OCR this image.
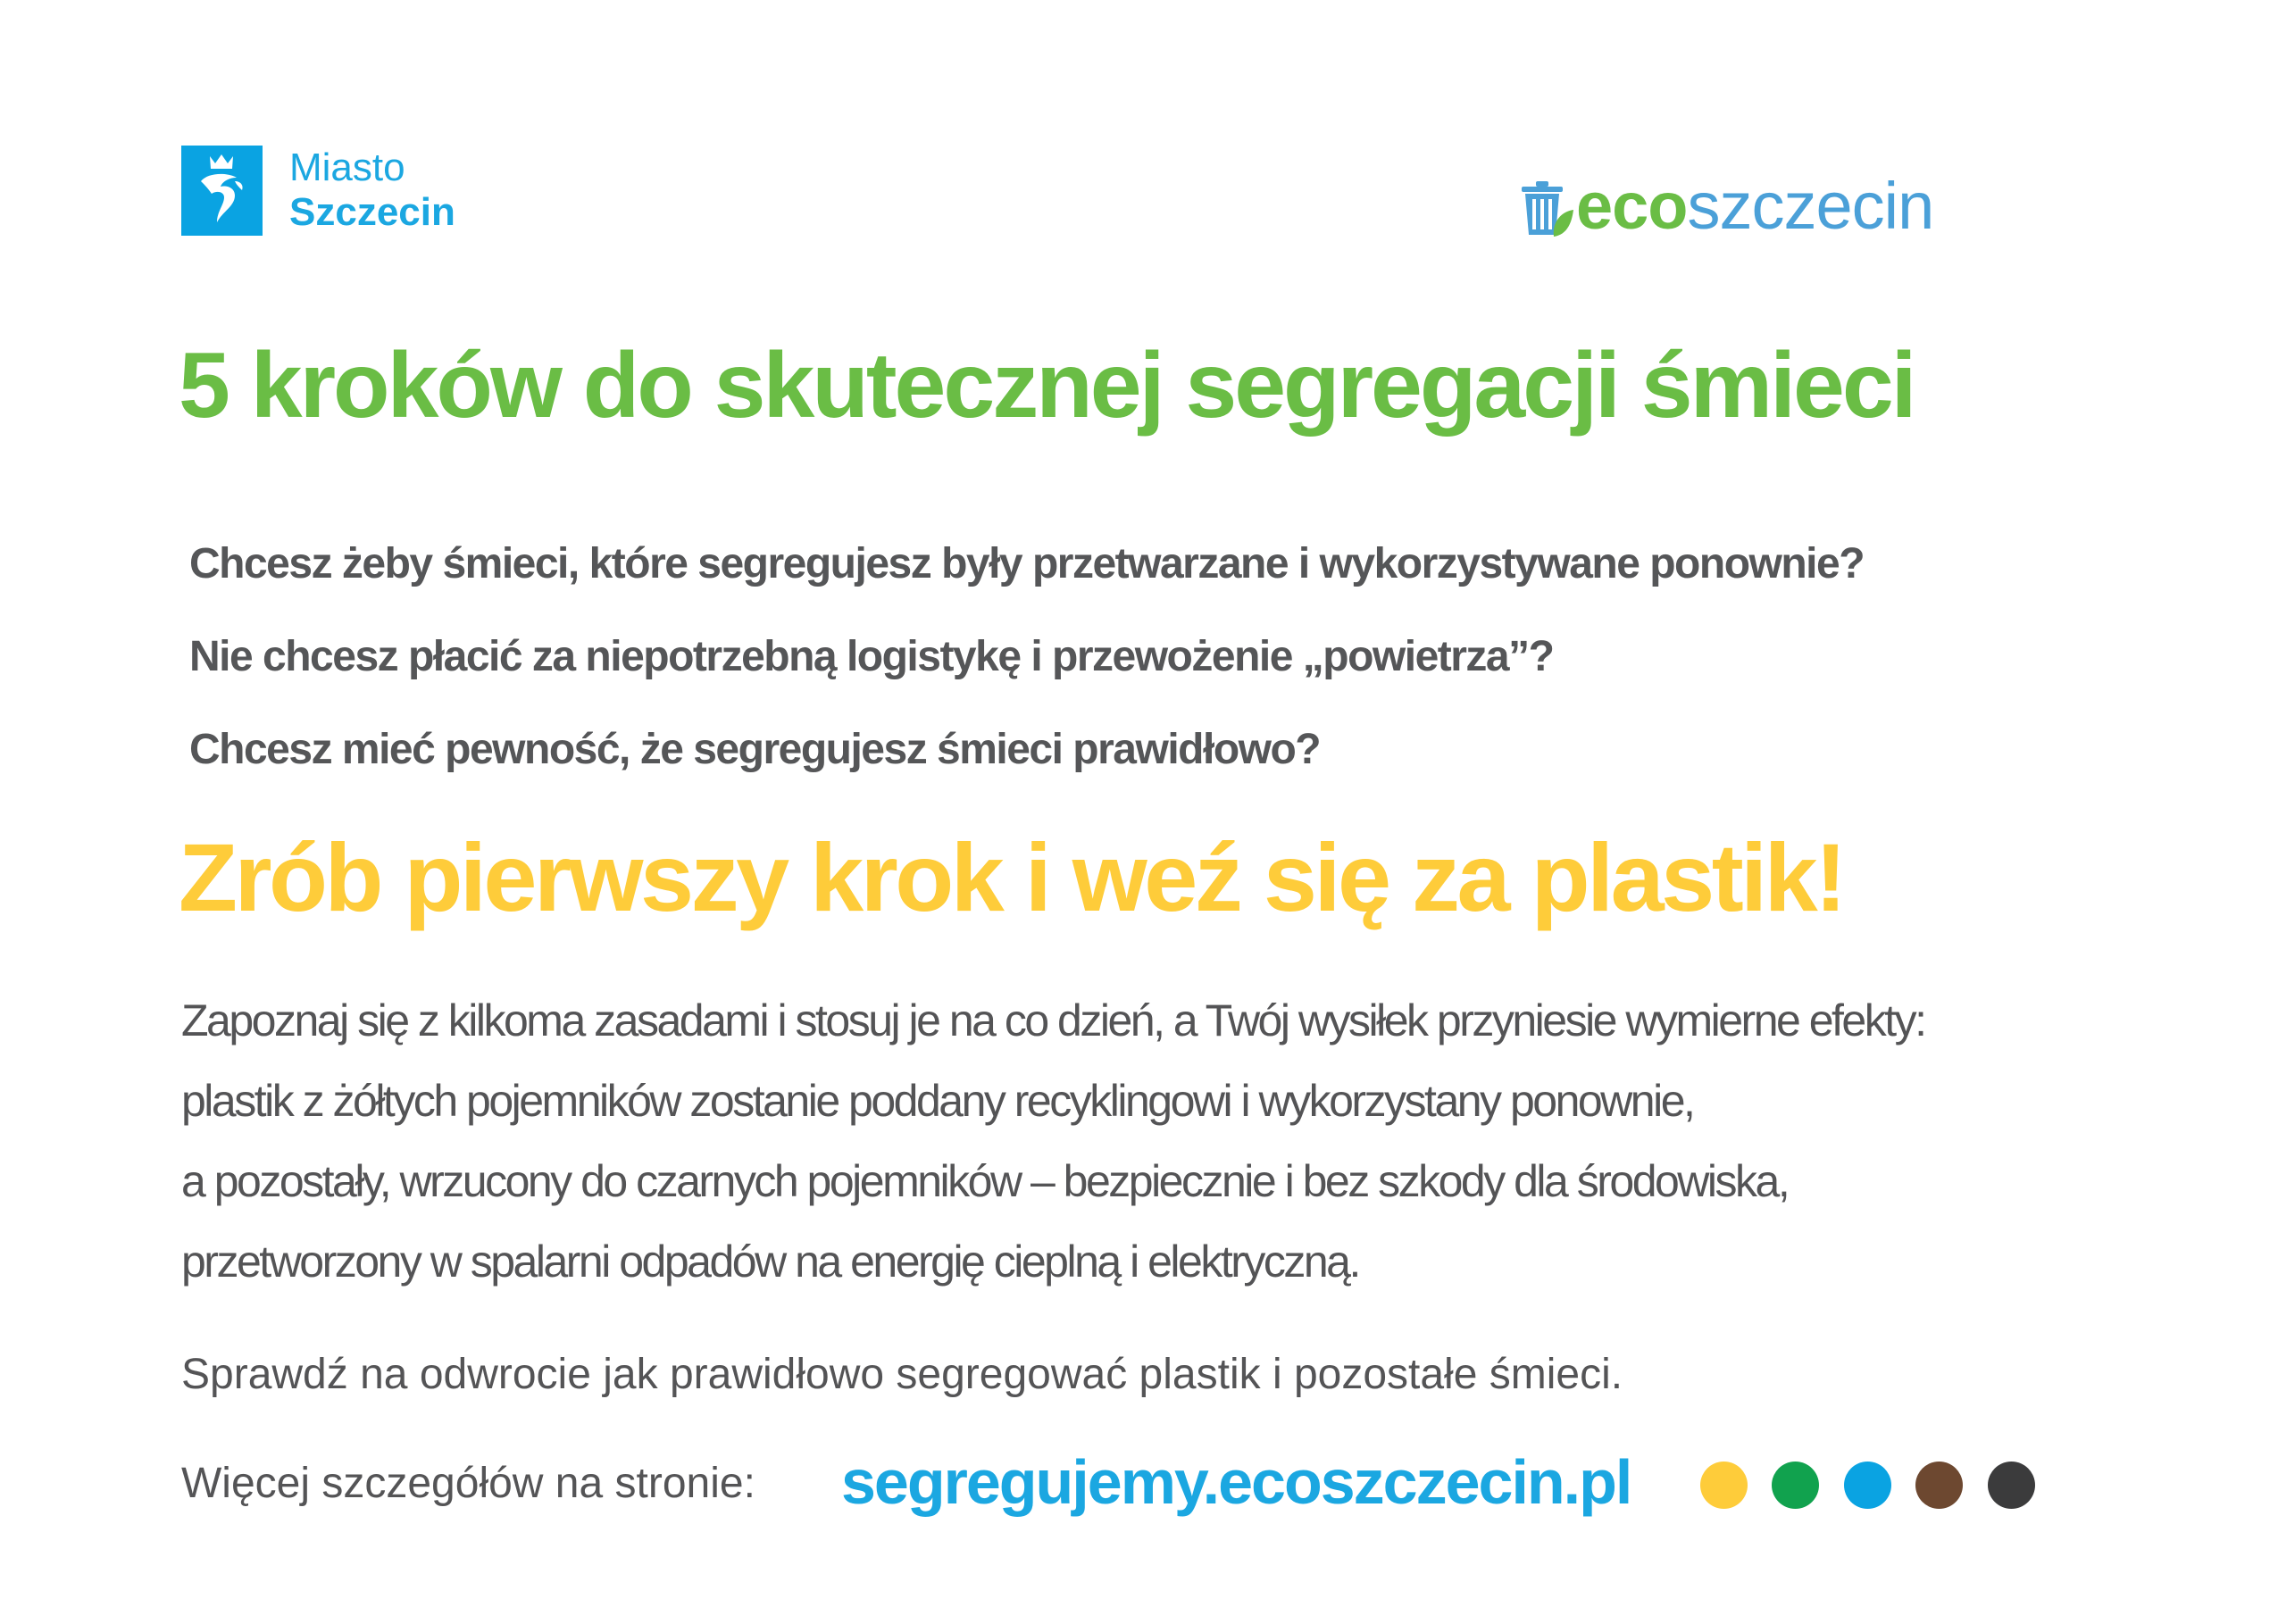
Miasto
Szczecin	ecoszczecin
5 kroków do skutecznej segregacji śmieci
Chcesz żeby śmieci, które segregujesz były przetwarzane i wykorzystywane ponownie?
Nie chcesz płacić za niepotrzebną logistykę i przewożenie „powietrza”?
Chcesz mieć pewność, że segregujesz śmieci prawidłowo?
Zrób pierwszy krok i weź się za plastik!
Zapoznaj się z kilkoma zasadami i stosuj je na co dzień, a Twój wysiłek przyniesie wymierne efekty:
plastik z żółtych pojemników zostanie poddany recyklingowi i wykorzystany ponownie,
a pozostały, wrzucony do czarnych pojemników – bezpiecznie i bez szkody dla środowiska,
przetworzony w spalarni odpadów na energię cieplną i elektryczną.
Sprawdź na odwrocie jak prawidłowo segregować plastik i pozostałe śmieci.
Więcej szczegółów na stronie: segregujemy.ecoszczecin.pl
